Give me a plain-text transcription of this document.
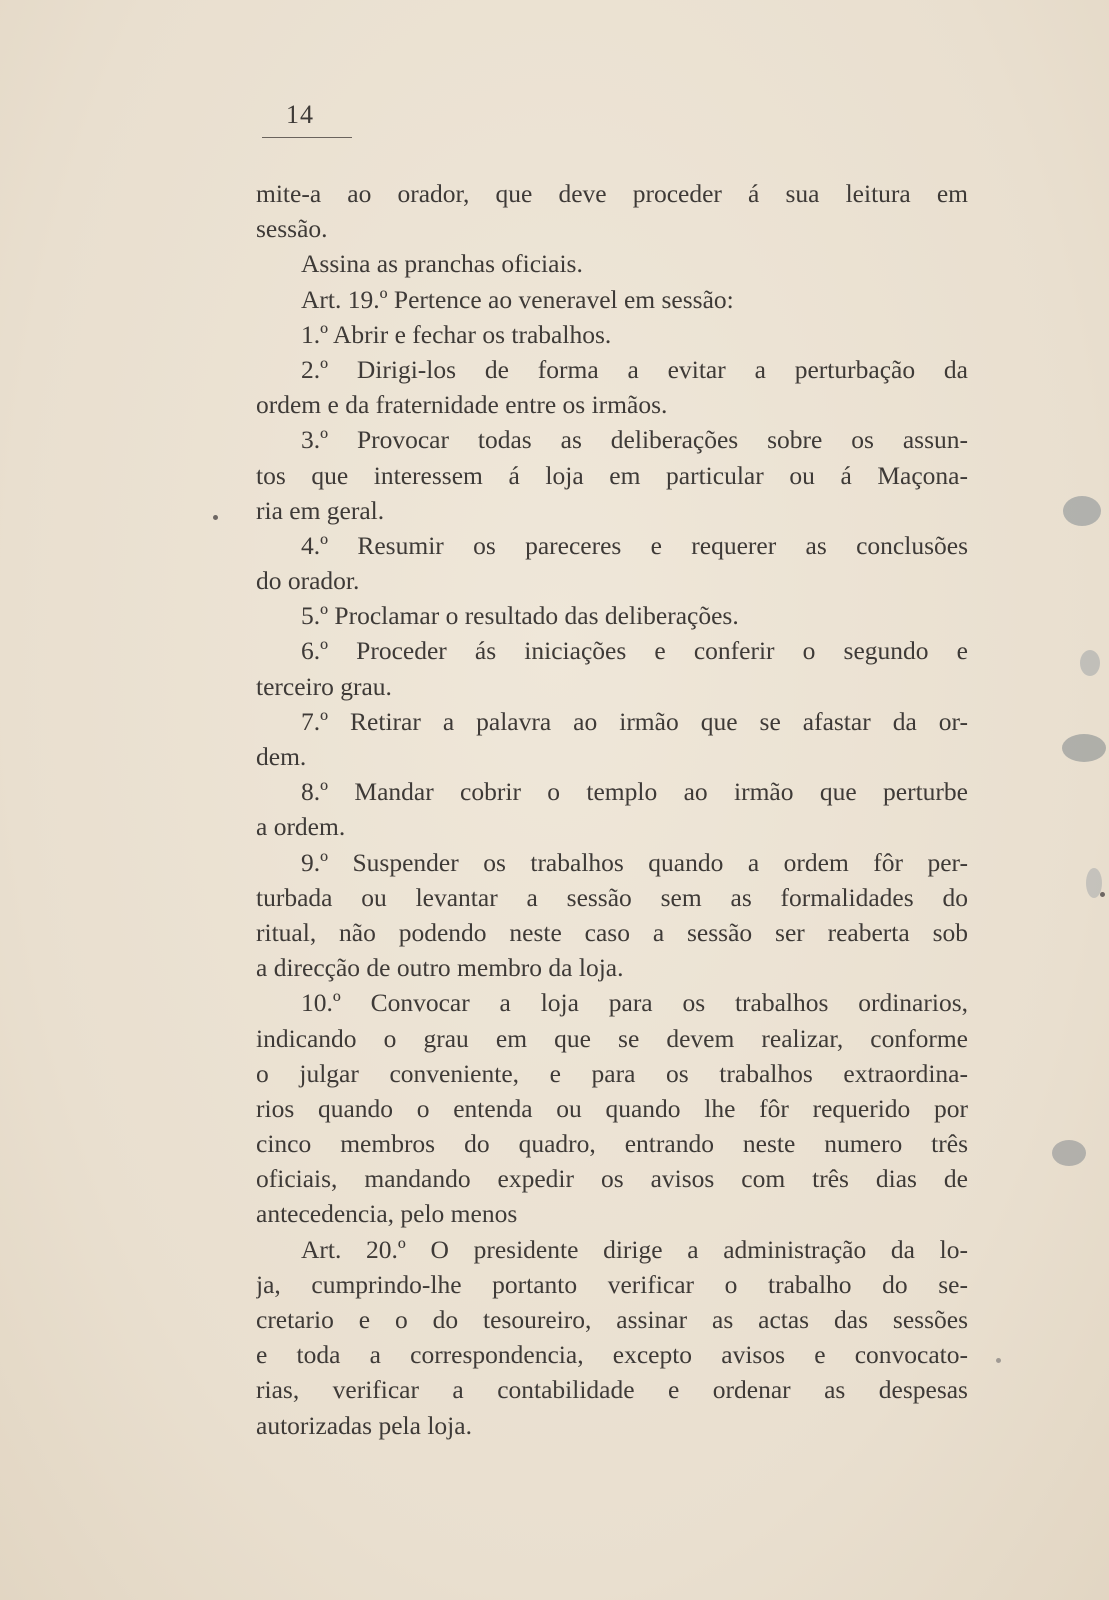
14
mite-a ao orador, que deve proceder á sua leitura em
sessão.
Assina as pranchas oficiais.
Art. 19.º Pertence ao veneravel em sessão:
1.º Abrir e fechar os trabalhos.
2.º Dirigi-los de forma a evitar a perturbação da
ordem e da fraternidade entre os irmãos.
3.º Provocar todas as deliberações sobre os assun-
tos que interessem á loja em particular ou á Maçona-
ria em geral.
4.º Resumir os pareceres e requerer as conclusões
do orador.
5.º Proclamar o resultado das deliberações.
6.º Proceder ás iniciações e conferir o segundo e
terceiro grau.
7.º Retirar a palavra ao irmão que se afastar da or-
dem.
8.º Mandar cobrir o templo ao irmão que perturbe
a ordem.
9.º Suspender os trabalhos quando a ordem fôr per-
turbada ou levantar a sessão sem as formalidades do
ritual, não podendo neste caso a sessão ser reaberta sob
a direcção de outro membro da loja.
10.º Convocar a loja para os trabalhos ordinarios,
indicando o grau em que se devem realizar, conforme
o julgar conveniente, e para os trabalhos extraordina-
rios quando o entenda ou quando lhe fôr requerido por
cinco membros do quadro, entrando neste numero três
oficiais, mandando expedir os avisos com três dias de
antecedencia, pelo menos
Art. 20.º O presidente dirige a administração da lo-
ja, cumprindo-lhe portanto verificar o trabalho do se-
cretario e o do tesoureiro, assinar as actas das sessões
e toda a correspondencia, excepto avisos e convocato-
rias, verificar a contabilidade e ordenar as despesas
autorizadas pela loja.
